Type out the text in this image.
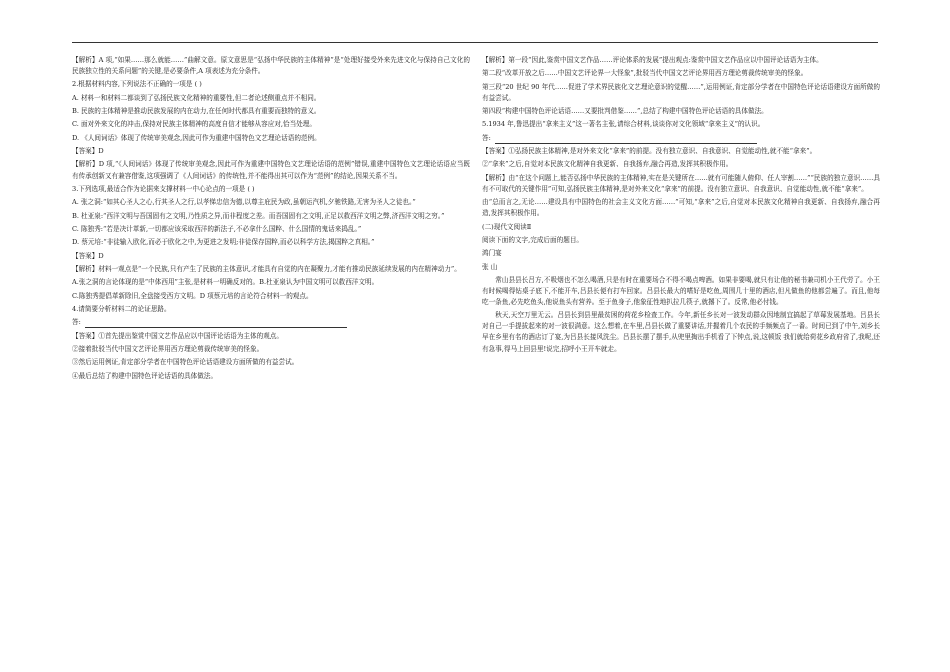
【解析】A 项,“如果……那么就能……”曲解文意。原文意思是“弘扬中华民族的主体精神”是“处理好接受外来先进文化与保持自己文化的民族独立性的关系问题”的关键,是必要条件,A 项表述为充分条件。

2.根据材料内容,下列说法不正确的一项是 ( )

A. 材料一和材料二都谈到了弘扬民族文化精神的重要性,但二者论述侧重点并不相同。

B. 民族的主体精神是推动民族发展的内在动力,在任何时代都具有重要而独特的意义。

C. 面对外来文化的冲击,保持对民族主体精神的高度自信才能够从容应对,恰当处理。

D. 《人间词话》体现了传统审美观念,因此可作为重建中国特色文艺理论话语的范例。

【答案】D

【解析】D 项,“《人间词话》体现了传统审美观念,因此可作为重建中国特色文艺理论话语的范例”错误,重建中国特色文艺理论话语应当既有传承创新又有兼容借鉴,这项强调了《人间词话》的传统性,并不能得出其可以作为“范例”的结论,因果关系不当。

3.下列选项,最适合作为论据来支撑材料一中心论点的一项是 ( )

A. 张之洞:“如其心圣人之心,行其圣人之行,以孝悌忠信为德,以尊主庇民为政,虽朝运汽机,夕驰铁路,无害为圣人之徒也。”

B. 杜亚泉:“西洋文明与吾国固有之文明,乃性质之异,而非程度之差。而吾国固有之文明,正足以救西洋文明之弊,济西洋文明之穷。”

C. 陈独秀:“若是决计革新,一切都应该采取西洋的新法子,不必拿什么国粹、什么国情的鬼话来捣乱。”

D. 蔡元培:“非徒输入欧化,而必于欧化之中,为更进之发明;非徒保存国粹,而必以科学方法,揭国粹之真相。”

【答案】D

【解析】材料一观点是“一个民族,只有产生了民族的主体意识,才能具有自觉的内在凝聚力,才能有推动民族延续发展的内在精神动力”。

A.张之洞的言论体现的是“中体西用”主张,是材料一明确反对的。B.杜亚泉认为中国文明可以救西洋文明。

C.陈独秀提倡革新除旧,全盘接受西方文明。D 项蔡元培的言论符合材料一的观点。

4.请简要分析材料二的论证思路。

答:

【答案】①首先提出鉴赏中国文艺作品应以中国评论话语为主体的观点。

②接着批驳当代中国文艺评论界用西方理论剪裁传统审美的怪象。

③然后运用例证,肯定部分学者在中国特色评论话语建设方面所做的有益尝试。

④最后总结了构建中国特色评论话语的具体做法。

【解析】第一段“因此,鉴赏中国文艺作品……评论体系的发展”提出观点:鉴赏中国文艺作品应以中国评论话语为主体。

第二段“改革开放之后……中国文艺评论界一大怪象”,批驳当代中国文艺评论界用西方理论剪裁传统审美的怪象。

第三段“20 世纪 90 年代……促进了学术界民族化文艺理论意识的觉醒……”,运用例证,肯定部分学者在中国特色评论话语建设方面所做的有益尝试。

第四段“构建中国特色评论话语……又要批判借鉴……”,总结了构建中国特色评论话语的具体做法。

5.1934 年,鲁迅提出“拿来主义”这一著名主张,请综合材料,谈谈你对文化领域“拿来主义”的认识。

答:

【答案】①弘扬民族主体精神,是对外来文化“拿来”的前提。没有独立意识、自我意识、自觉能动性,就不能“拿来”。

②“拿来”之后,自觉对本民族文化精神自我更新、自我扬弃,融合再造,发挥其积极作用。

【解析】由“在这个问题上,能否弘扬中华民族的主体精神,实在是关键所在……就有可能随人俯仰、任人宰割……”“民族的独立意识……具有不可取代的关键作用”可知,弘扬民族主体精神,是对外来文化“拿来”的前提。没有独立意识、自我意识、自觉能动性,就不能“拿来”。

由“总而言之,无论……建设具有中国特色的社会主义文化方面……”可知,“拿来”之后,自觉对本民族文化精神自我更新、自我扬弃,融合再造,发挥其积极作用。

(二)现代文阅读Ⅱ

阅读下面的文字,完成后面的题目。

鸿门宴

张 山

常山县县长吕方,不吸烟也不怎么喝酒,只是有时在重要场合不得不喝点啤酒。如果非要喝,就只有让他的秘书兼司机小王代劳了。小王有时候喝得钻桌子底下,不能开车,吕县长便有打车回家。吕县长最大的嗜好是吃鱼,周围几十里的酒店,但凡做鱼的他都尝遍了。而且,他每吃一条鱼,必先吃鱼头,他说鱼头有营养。至于鱼身子,他象征性地扒拉几筷子,就撂下了。反常,他必付钱。

秋天,天空万里无云。吕县长到县里最贫困的荷花乡检查工作。今年,新任乡长对一波发动群众因地制宜搞起了草莓发展基地。吕县长对自己一手提拔起来的对一波很满意。这么想着,在车里,吕县长做了重要讲话,并握着几个农民的手频频点了一番。时间已到了中午,刘乡长早在乡里有名的酒店订了宴,为吕县长接风洗尘。吕县长摆了摆手,从兜里掏出手机看了下钟点,说,这顿饭 我们就给荷花乡政府省了,我呢,还有急事,得马上回县里!说完,招呼小王开车就走。
